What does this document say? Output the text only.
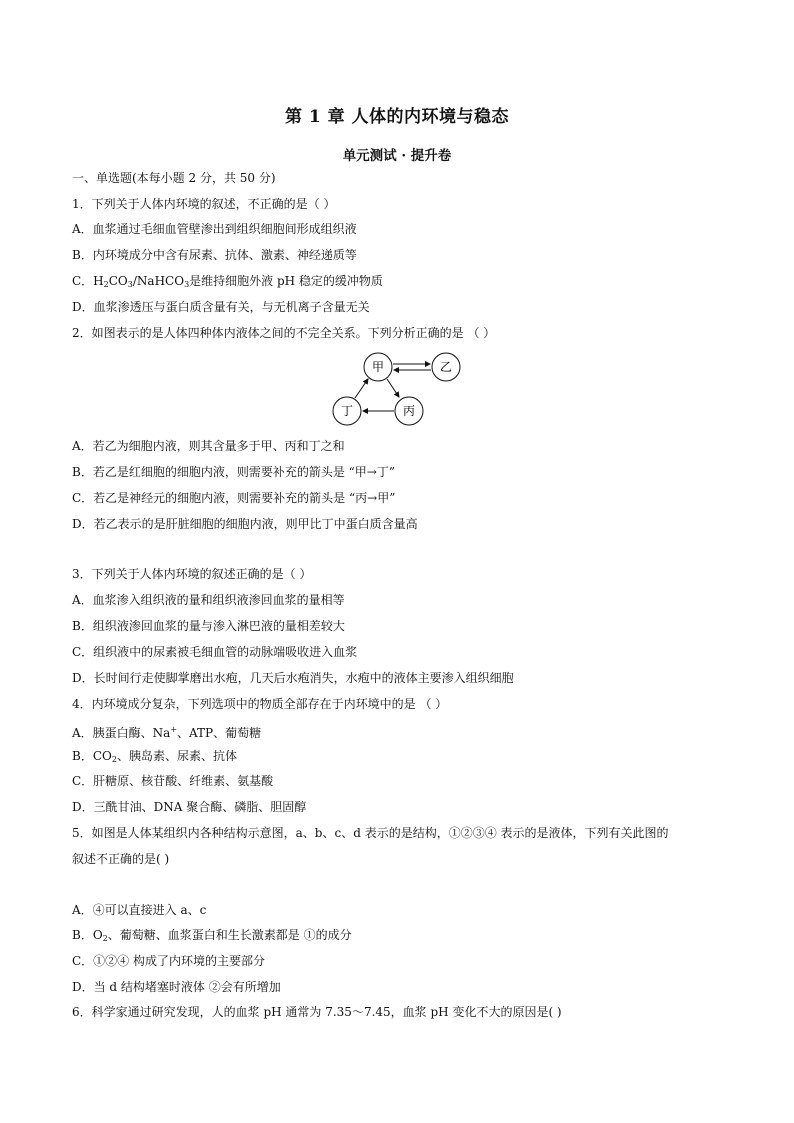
第 1 章 人体的内环境与稳态
单元测试 · 提升卷
一、单选题(本每小题 2 分，共 50 分)
1．下列关于人体内环境的叙述，不正确的是（ ）
A．血浆通过毛细血管壁渗出到组织细胞间形成组织液
B．内环境成分中含有尿素、抗体、激素、神经递质等
C．$H_2CO_3/NaHCO_3$是维持细胞外液 pH 稳定的缓冲物质
D．血浆渗透压与蛋白质含量有关，与无机离子含量无关
2．如图表示的是人体四种体内液体之间的不完全关系。下列分析正确的是 （ ）
甲	乙
丁	丙
A．若乙为细胞内液，则其含量多于甲、丙和丁之和
B．若乙是红细胞的细胞内液，则需要补充的箭头是 “甲→丁”
C．若乙是神经元的细胞内液，则需要补充的箭头是 “丙→甲”
D．若乙表示的是肝脏细胞的细胞内液，则甲比丁中蛋白质含量高
3．下列关于人体内环境的叙述正确的是（ ）
A．血浆渗入组织液的量和组织液渗回血浆的量相等
B．组织液渗回血浆的量与渗入淋巴液的量相差较大
C．组织液中的尿素被毛细血管的动脉端吸收进入血浆
D．长时间行走使脚掌磨出水疱，几天后水疱消失，水疱中的液体主要渗入组织细胞
4．内环境成分复杂，下列选项中的物质全部存在于内环境中的是 （ ）
A．胰蛋白酶、Na+、ATP、葡萄糖
B．$CO_2$、胰岛素、尿素、抗体
C．肝糖原、核苷酸、纤维素、氨基酸
D．三酰甘油、DNA 聚合酶、磷脂、胆固醇
5．如图是人体某组织内各种结构示意图，a、b、c、d 表示的是结构，①②③④ 表示的是液体，下列有关此图的
叙述不正确的是( )
A．④可以直接进入 a、c
B．$O_2$、葡萄糖、血浆蛋白和生长激素都是 ①的成分
C．①②④ 构成了内环境的主要部分
D．当 d 结构堵塞时液体 ②会有所增加
6．科学家通过研究发现，人的血浆 pH 通常为 7.35～7.45，血浆 pH 变化不大的原因是( )
